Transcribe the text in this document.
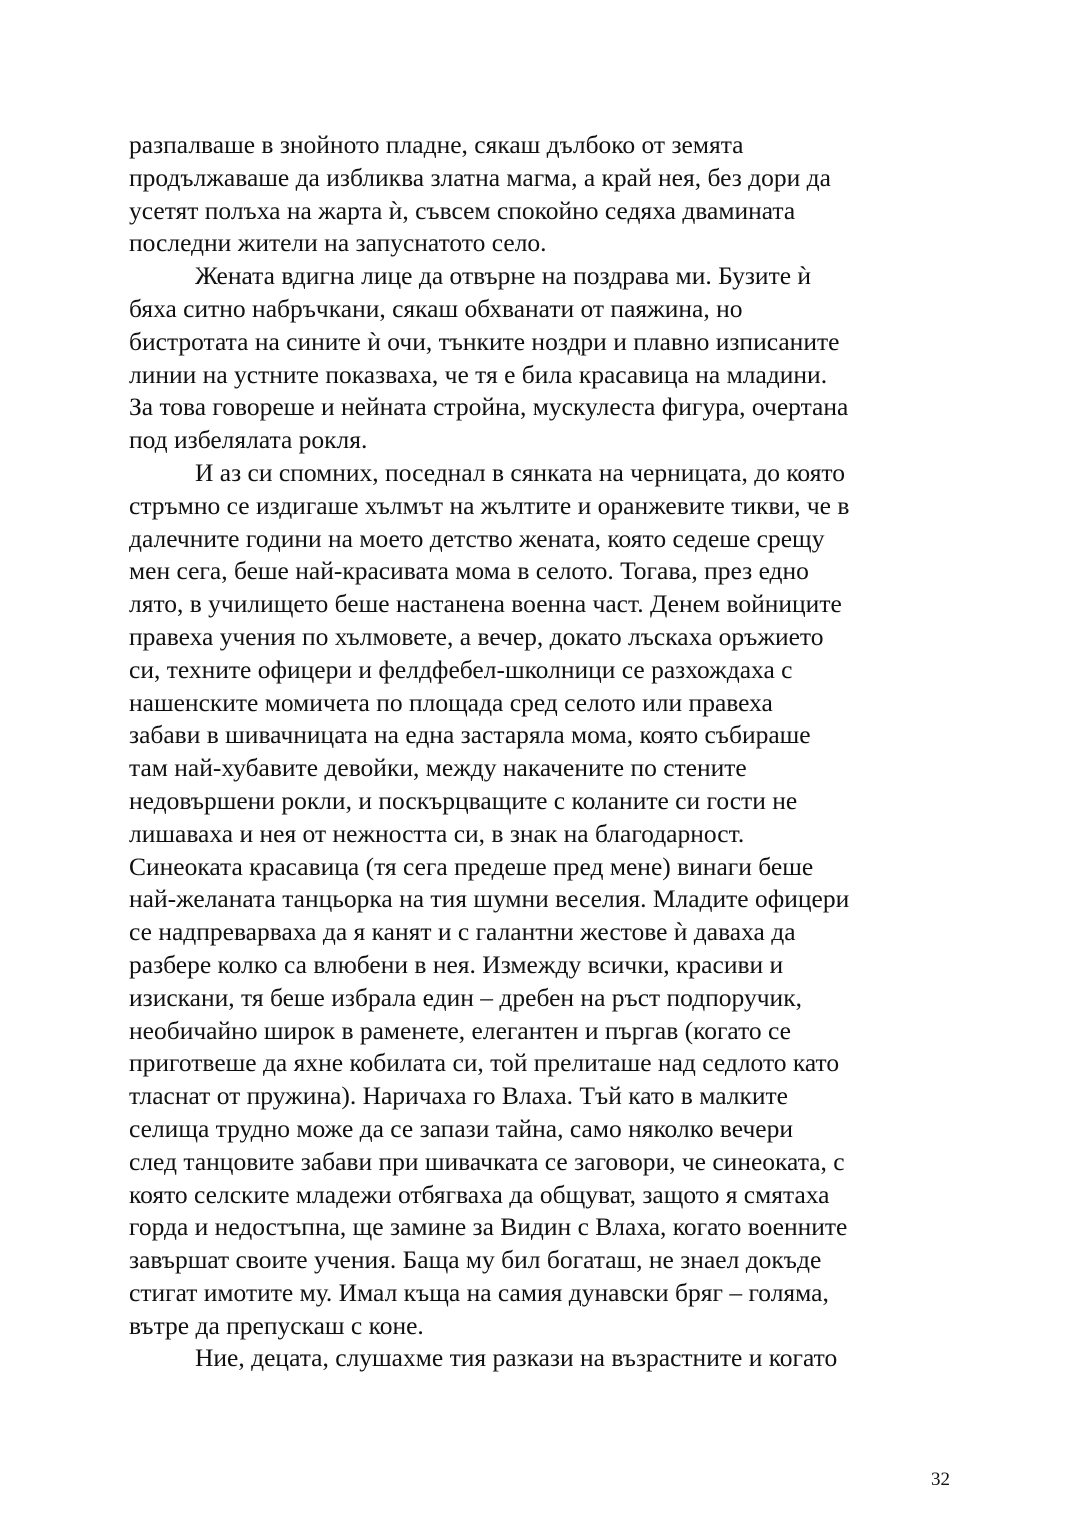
разпалваше в знойното пладне, сякаш дълбоко от земята
продължаваше да избликва златна магма, а край нея, без дори да
усетят полъха на жарта ѝ, съвсем спокойно седяха двамината
последни жители на запуснатото село.
Жената вдигна лице да отвърне на поздрава ми. Бузите ѝ
бяха ситно набръчкани, сякаш обхванати от паяжина, но
бистротата на сините ѝ очи, тънките ноздри и плавно изписаните
линии на устните показваха, че тя е била красавица на младини.
За това говореше и нейната стройна, мускулеста фигура, очертана
под избелялата рокля.
И аз си спомних, поседнал в сянката на черницата, до която
стръмно се издигаше хълмът на жълтите и оранжевите тикви, че в
далечните години на моето детство жената, която седеше срещу
мен сега, беше най-красивата мома в селото. Тогава, през едно
лято, в училището беше настанена военна част. Денем войниците
правеха учения по хълмовете, а вечер, докато лъскаха оръжието
си, техните офицери и фелдфебел-школници се разхождаха с
нашенските момичета по площада сред селото или правеха
забави в шивачницата на една застаряла мома, която събираше
там най-хубавите девойки, между накачените по стените
недовършени рокли, и поскърцващите с коланите си гости не
лишаваха и нея от нежността си, в знак на благодарност.
Синеоката красавица (тя сега предеше пред мене) винаги беше
най-желаната танцьорка на тия шумни веселия. Младите офицери
се надпреварваха да я канят и с галантни жестове ѝ даваха да
разбере колко са влюбени в нея. Измежду всички, красиви и
изискани, тя беше избрала един – дребен на ръст подпоручик,
необичайно широк в раменете, елегантен и пъргав (когато се
приготвеше да яхне кобилата си, той прелиташе над седлото като
тласнат от пружина). Наричаха го Влаха. Тъй като в малките
селища трудно може да се запази тайна, само няколко вечери
след танцовите забави при шивачката се заговори, че синеоката, с
която селските младежи отбягваха да общуват, защото я смятаха
горда и недостъпна, ще замине за Видин с Влаха, когато военните
завършат своите учения. Баща му бил богаташ, не знаел докъде
стигат имотите му. Имал къща на самия дунавски бряг – голяма,
вътре да препускаш с коне.
Ние, децата, слушахме тия разкази на възрастните и когато
32
